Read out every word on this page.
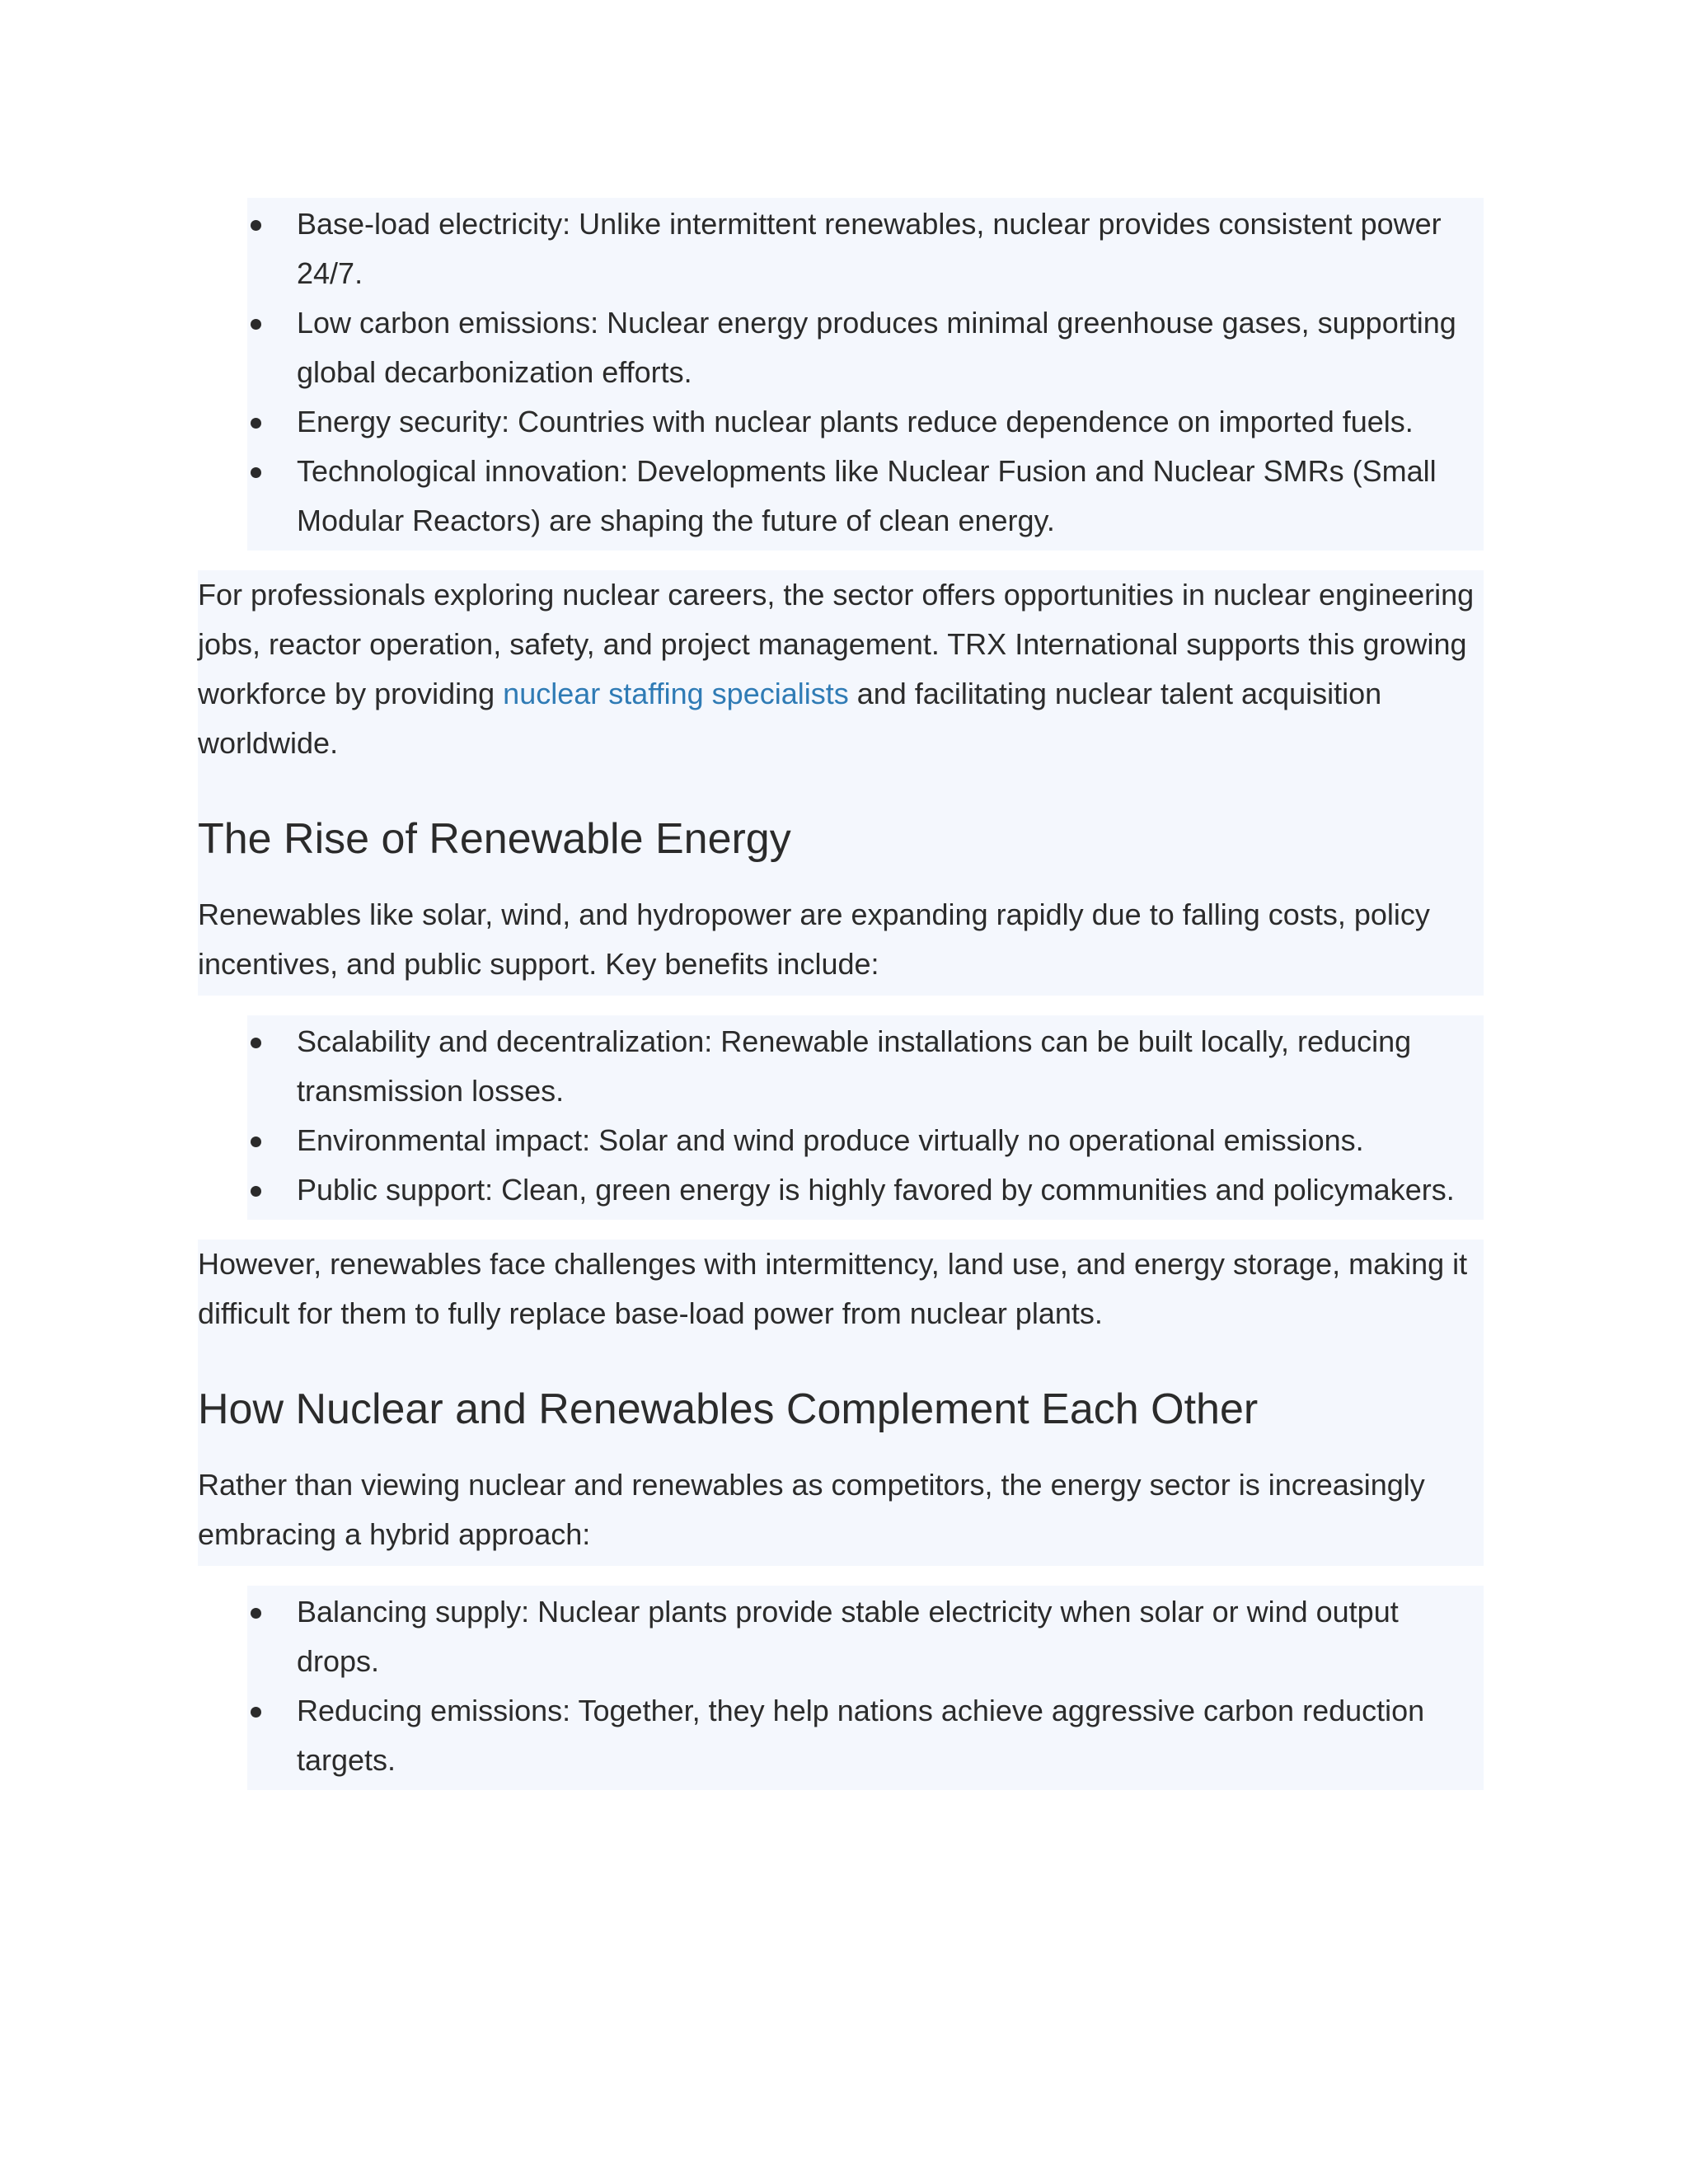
Base-load electricity: Unlike intermittent renewables, nuclear provides consistent power 24/7.
Low carbon emissions: Nuclear energy produces minimal greenhouse gases, supporting global decarbonization efforts.
Energy security: Countries with nuclear plants reduce dependence on imported fuels.
Technological innovation: Developments like Nuclear Fusion and Nuclear SMRs (Small Modular Reactors) are shaping the future of clean energy.

For professionals exploring nuclear careers, the sector offers opportunities in nuclear engineering jobs, reactor operation, safety, and project management. TRX International supports this growing workforce by providing nuclear staffing specialists and facilitating nuclear talent acquisition worldwide.

The Rise of Renewable Energy

Renewables like solar, wind, and hydropower are expanding rapidly due to falling costs, policy incentives, and public support. Key benefits include:

Scalability and decentralization: Renewable installations can be built locally, reducing transmission losses.
Environmental impact: Solar and wind produce virtually no operational emissions.
Public support: Clean, green energy is highly favored by communities and policymakers.

However, renewables face challenges with intermittency, land use, and energy storage, making it difficult for them to fully replace base-load power from nuclear plants.

How Nuclear and Renewables Complement Each Other

Rather than viewing nuclear and renewables as competitors, the energy sector is increasingly embracing a hybrid approach:

Balancing supply: Nuclear plants provide stable electricity when solar or wind output drops.
Reducing emissions: Together, they help nations achieve aggressive carbon reduction targets.
